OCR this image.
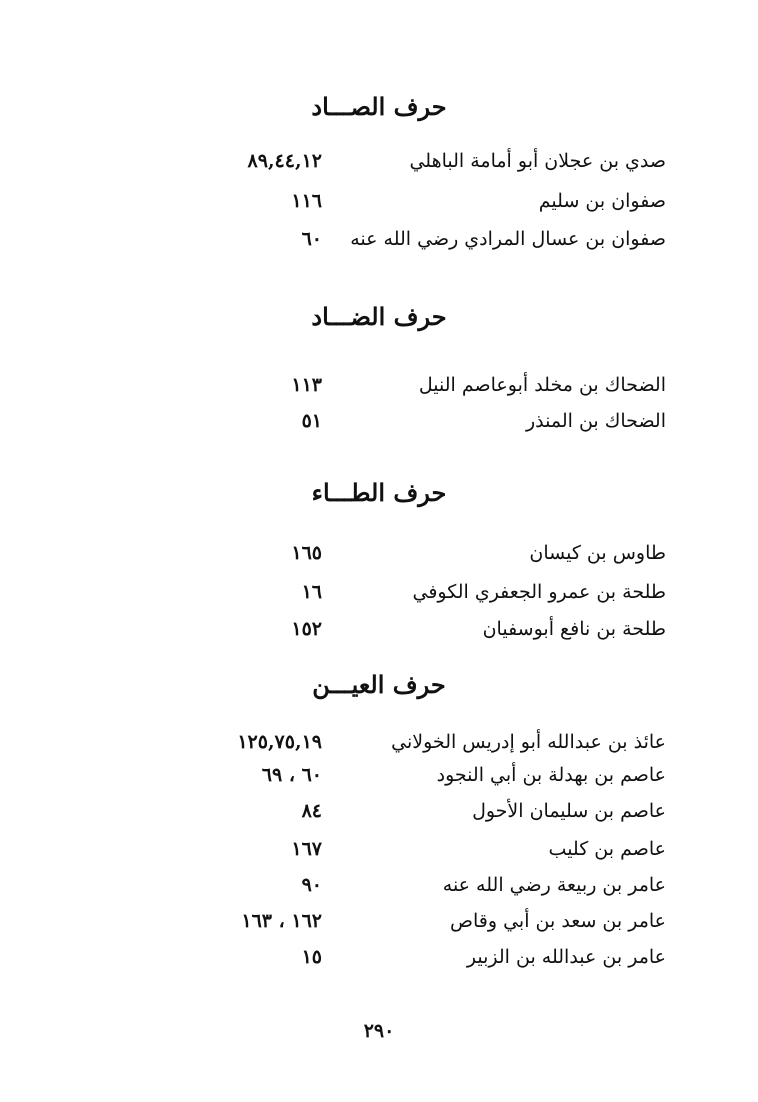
حرف الصـــاد
صدي بن عجلان أبو أمامة الباهلي
٨٩,٤٤,١٢
صفوان بن سليم
١١٦
صفوان بن عسال المرادي رضي الله عنه
٦٠
حرف الضـــاد
الضحاك بن مخلد أبوعاصم النيل
١١٣
الضحاك بن المنذر
٥١
حرف الطـــاء
طاوس بن كيسان
١٦٥
طلحة بن عمرو الجعفري الكوفي
١٦
طلحة بن نافع أبوسفيان
١٥٢
حرف العيـــن
عائذ بن عبدالله أبو إدريس الخولاني
١٢٥,٧٥,١٩
عاصم بن بهدلة بن أبي النجود
٦٠ ، ٦٩
عاصم بن سليمان الأحول
٨٤
عاصم بن كليب
١٦٧
عامر بن ربيعة رضي الله عنه
٩٠
عامر بن سعد بن أبي وقاص
١٦٢ ، ١٦٣
عامر بن عبدالله بن الزبير
١٥
٢٩٠
